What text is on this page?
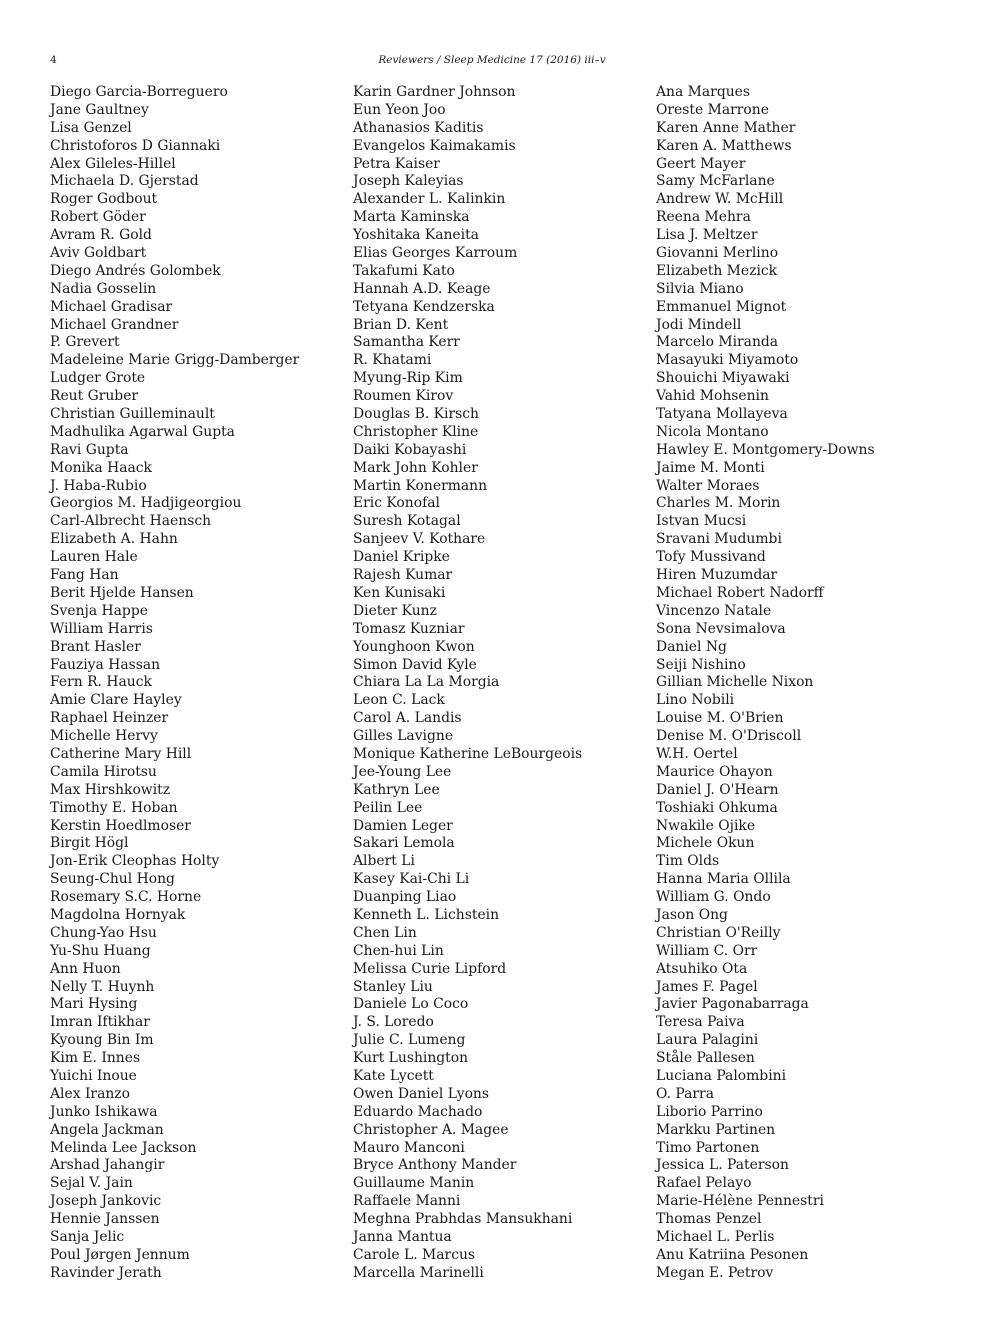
4	Reviewers / Sleep Medicine 17 (2016) iii–v
Diego Garcia-Borreguero
Jane Gaultney
Lisa Genzel
Christoforos D Giannaki
Alex Gileles-Hillel
Michaela D. Gjerstad
Roger Godbout
Robert Göder
Avram R. Gold
Aviv Goldbart
Diego Andrés Golombek
Nadia Gosselin
Michael Gradisar
Michael Grandner
P. Grevert
Madeleine Marie Grigg-Damberger
Ludger Grote
Reut Gruber
Christian Guilleminault
Madhulika Agarwal Gupta
Ravi Gupta
Monika Haack
J. Haba-Rubio
Georgios M. Hadjigeorgiou
Carl-Albrecht Haensch
Elizabeth A. Hahn
Lauren Hale
Fang Han
Berit Hjelde Hansen
Svenja Happe
William Harris
Brant Hasler
Fauziya Hassan
Fern R. Hauck
Amie Clare Hayley
Raphael Heinzer
Michelle Hervy
Catherine Mary Hill
Camila Hirotsu
Max Hirshkowitz
Timothy E. Hoban
Kerstin Hoedlmoser
Birgit Högl
Jon-Erik Cleophas Holty
Seung-Chul Hong
Rosemary S.C. Horne
Magdolna Hornyak
Chung-Yao Hsu
Yu-Shu Huang
Ann Huon
Nelly T. Huynh
Mari Hysing
Imran Iftikhar
Kyoung Bin Im
Kim E. Innes
Yuichi Inoue
Alex Iranzo
Junko Ishikawa
Angela Jackman
Melinda Lee Jackson
Arshad Jahangir
Sejal V. Jain
Joseph Jankovic
Hennie Janssen
Sanja Jelic
Poul Jørgen Jennum
Ravinder Jerath
Karin Gardner Johnson
Eun Yeon Joo
Athanasios Kaditis
Evangelos Kaimakamis
Petra Kaiser
Joseph Kaleyias
Alexander L. Kalinkin
Marta Kaminska
Yoshitaka Kaneita
Elias Georges Karroum
Takafumi Kato
Hannah A.D. Keage
Tetyana Kendzerska
Brian D. Kent
Samantha Kerr
R. Khatami
Myung-Rip Kim
Roumen Kirov
Douglas B. Kirsch
Christopher Kline
Daiki Kobayashi
Mark John Kohler
Martin Konermann
Eric Konofal
Suresh Kotagal
Sanjeev V. Kothare
Daniel Kripke
Rajesh Kumar
Ken Kunisaki
Dieter Kunz
Tomasz Kuzniar
Younghoon Kwon
Simon David Kyle
Chiara La La Morgia
Leon C. Lack
Carol A. Landis
Gilles Lavigne
Monique Katherine LeBourgeois
Jee-Young Lee
Kathryn Lee
Peilin Lee
Damien Leger
Sakari Lemola
Albert Li
Kasey Kai-Chi Li
Duanping Liao
Kenneth L. Lichstein
Chen Lin
Chen-hui Lin
Melissa Curie Lipford
Stanley Liu
Daniele Lo Coco
J. S. Loredo
Julie C. Lumeng
Kurt Lushington
Kate Lycett
Owen Daniel Lyons
Eduardo Machado
Christopher A. Magee
Mauro Manconi
Bryce Anthony Mander
Guillaume Manin
Raffaele Manni
Meghna Prabhdas Mansukhani
Janna Mantua
Carole L. Marcus
Marcella Marinelli
Ana Marques
Oreste Marrone
Karen Anne Mather
Karen A. Matthews
Geert Mayer
Samy McFarlane
Andrew W. McHill
Reena Mehra
Lisa J. Meltzer
Giovanni Merlino
Elizabeth Mezick
Silvia Miano
Emmanuel Mignot
Jodi Mindell
Marcelo Miranda
Masayuki Miyamoto
Shouichi Miyawaki
Vahid Mohsenin
Tatyana Mollayeva
Nicola Montano
Hawley E. Montgomery-Downs
Jaime M. Monti
Walter Moraes
Charles M. Morin
Istvan Mucsi
Sravani Mudumbi
Tofy Mussivand
Hiren Muzumdar
Michael Robert Nadorff
Vincenzo Natale
Sona Nevsimalova
Daniel Ng
Seiji Nishino
Gillian Michelle Nixon
Lino Nobili
Louise M. O'Brien
Denise M. O'Driscoll
W.H. Oertel
Maurice Ohayon
Daniel J. O'Hearn
Toshiaki Ohkuma
Nwakile Ojike
Michele Okun
Tim Olds
Hanna Maria Ollila
William G. Ondo
Jason Ong
Christian O'Reilly
William C. Orr
Atsuhiko Ota
James F. Pagel
Javier Pagonabarraga
Teresa Paiva
Laura Palagini
Ståle Pallesen
Luciana Palombini
O. Parra
Liborio Parrino
Markku Partinen
Timo Partonen
Jessica L. Paterson
Rafael Pelayo
Marie-Hélène Pennestri
Thomas Penzel
Michael L. Perlis
Anu Katriina Pesonen
Megan E. Petrov
